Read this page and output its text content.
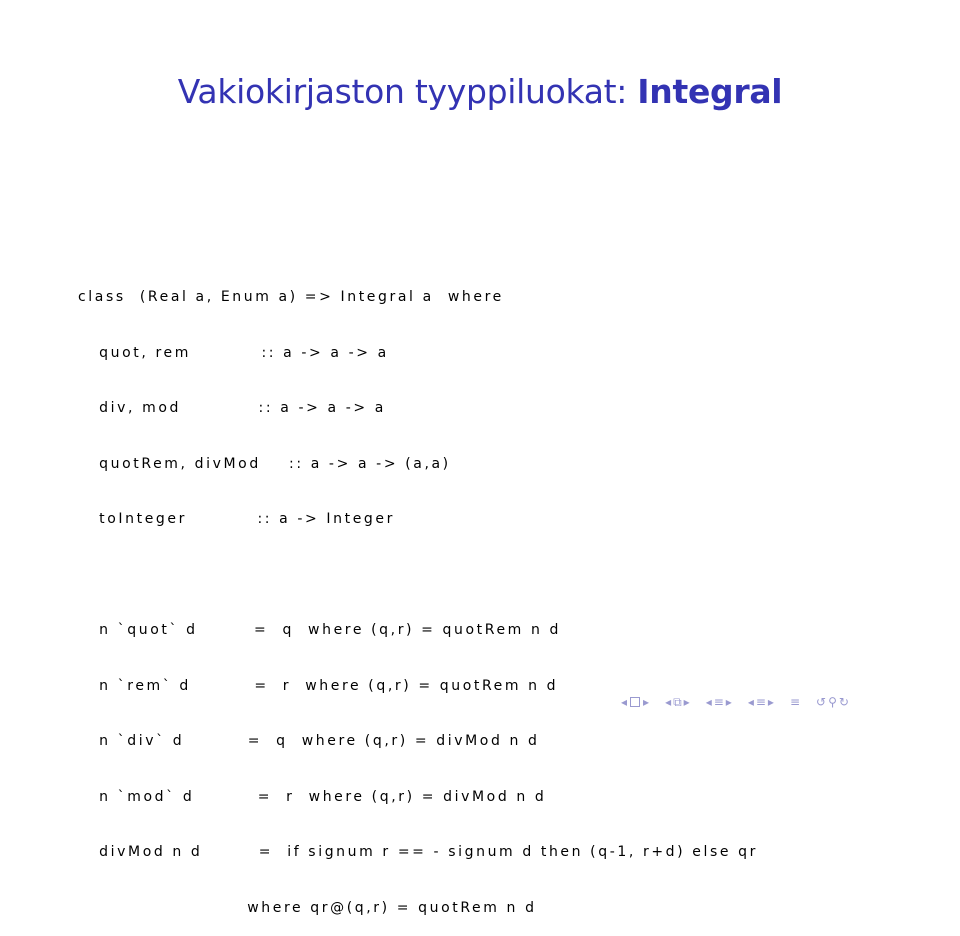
Vakiokirjaston tyyppiluokat: Integral

class  (Real a, Enum a) => Integral a  where

quot, rem          :: a -> a -> a

div, mod           :: a -> a -> a

quotRem, divMod    :: a -> a -> (a,a)

toInteger          :: a -> Integer

n `quot` d        =  q  where (q,r) = quotRem n d

n `rem` d         =  r  where (q,r) = quotRem n d

n `div` d         =  q  where (q,r) = divMod n d

n `mod` d         =  r  where (q,r) = divMod n d

divMod n d        =  if signum r == - signum d then (q-1, r+d) else qr

where qr@(q,r) = quotRem n d

◂ ▸ ◂ ⧉ ▸ ◂ ≡ ▸ ◂ ≡ ▸ ≡ ↺ ⚲ ↻
